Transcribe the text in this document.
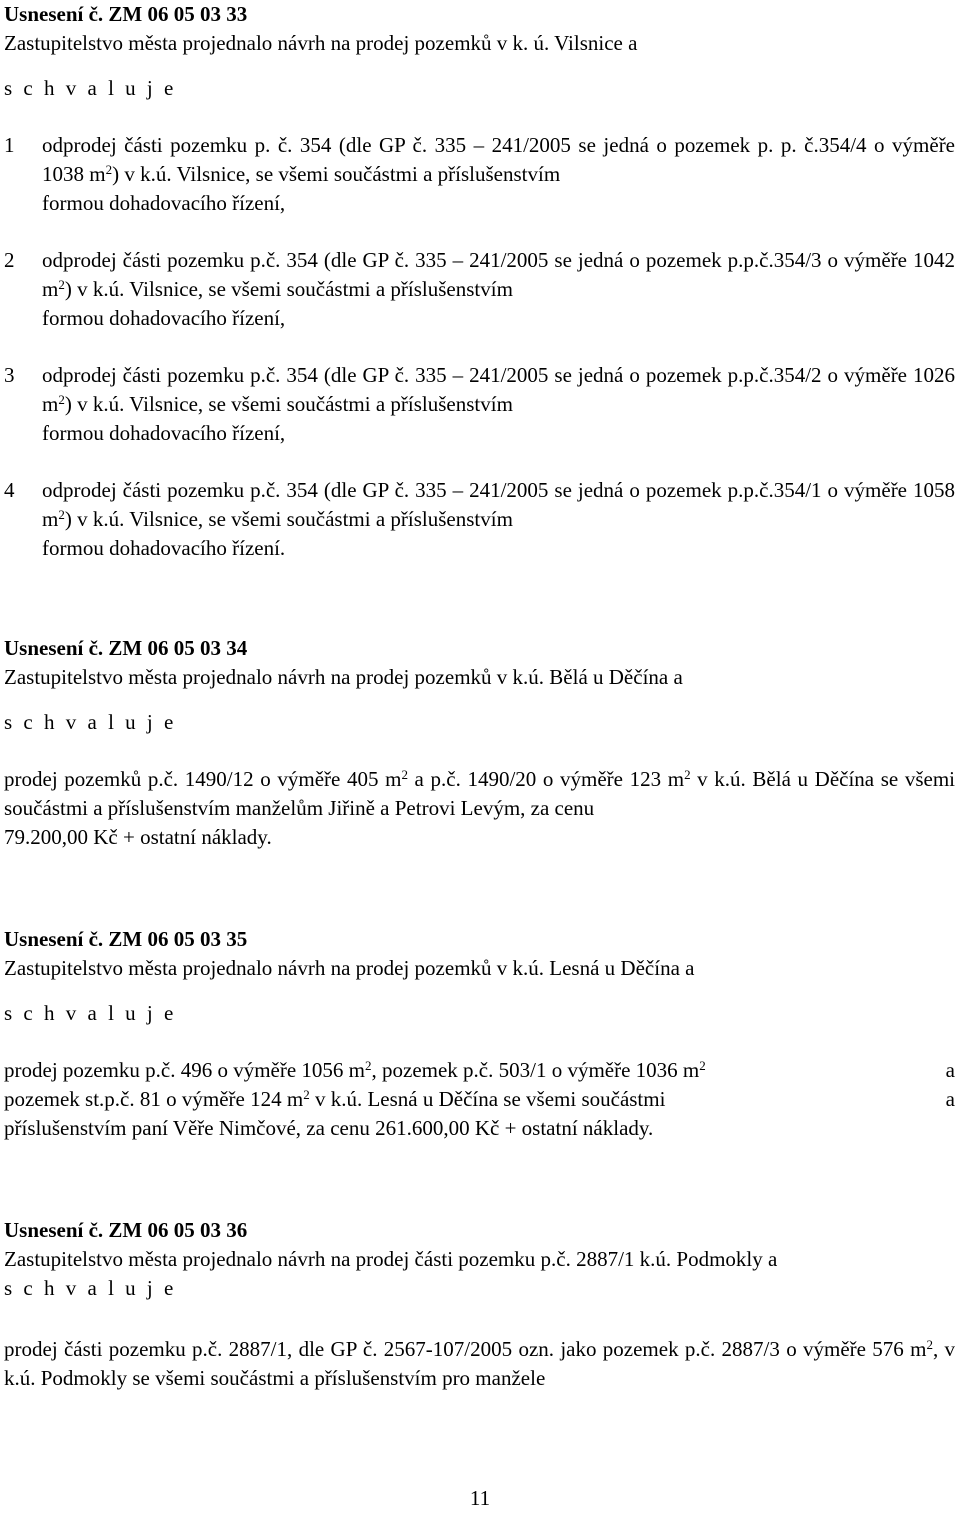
Usnesení č. ZM 06 05 03 33
Zastupitelstvo města projednalo návrh na prodej pozemků v k. ú. Vilsnice a
s c h v a l u j e
1 odprodej části pozemku p. č. 354 (dle GP č. 335 – 241/2005 se jedná o pozemek p. p. č.354/4 o výměře 1038 $m^2$) v k.ú. Vilsnice, se všemi součástmi a příslušenstvím
formou dohadovacího řízení,
2 odprodej části pozemku p.č. 354 (dle GP č. 335 – 241/2005 se jedná o pozemek p.p.č.354/3 o výměře 1042 $m^2$) v k.ú. Vilsnice, se všemi součástmi a příslušenstvím
formou dohadovacího řízení,
3 odprodej části pozemku p.č. 354 (dle GP č. 335 – 241/2005 se jedná o pozemek p.p.č.354/2 o výměře 1026 $m^2$) v k.ú. Vilsnice, se všemi součástmi a příslušenstvím
formou dohadovacího řízení,
4 odprodej části pozemku p.č. 354 (dle GP č. 335 – 241/2005 se jedná o pozemek p.p.č.354/1 o výměře 1058 $m^2$) v k.ú. Vilsnice, se všemi součástmi a příslušenstvím
formou dohadovacího řízení.
Usnesení č. ZM 06 05 03 34
Zastupitelstvo města projednalo návrh na prodej pozemků v k.ú. Bělá u Děčína a
s c h v a l u j e
prodej pozemků p.č. 1490/12 o výměře 405 $m^2$ a p.č. 1490/20 o výměře 123 $m^2$ v k.ú. Bělá u Děčína se všemi součástmi a příslušenstvím manželům Jiřině a Petrovi Levým, za cenu
79.200,00 Kč + ostatní náklady.
Usnesení č. ZM 06 05 03 35
Zastupitelstvo města projednalo návrh na prodej pozemků v k.ú. Lesná u Děčína a
s c h v a l u j e
prodej pozemku p.č. 496 o výměře 1056 $m^2$, pozemek p.č. 503/1 o výměře 1036 $m^2$	a
pozemek st.p.č. 81 o výměře 124 $m^2$ v k.ú. Lesná u Děčína se všemi součástmi	a
příslušenstvím paní Věře Nimčové, za cenu 261.600,00 Kč + ostatní náklady.
Usnesení č. ZM 06 05 03 36
Zastupitelstvo města projednalo návrh na prodej části pozemku p.č. 2887/1 k.ú. Podmokly a
s c h v a l u j e
prodej části pozemku p.č. 2887/1, dle GP č. 2567-107/2005 ozn. jako pozemek p.č. 2887/3 o výměře 576 $m^2$, v k.ú. Podmokly se všemi součástmi a příslušenstvím pro manžele
11
